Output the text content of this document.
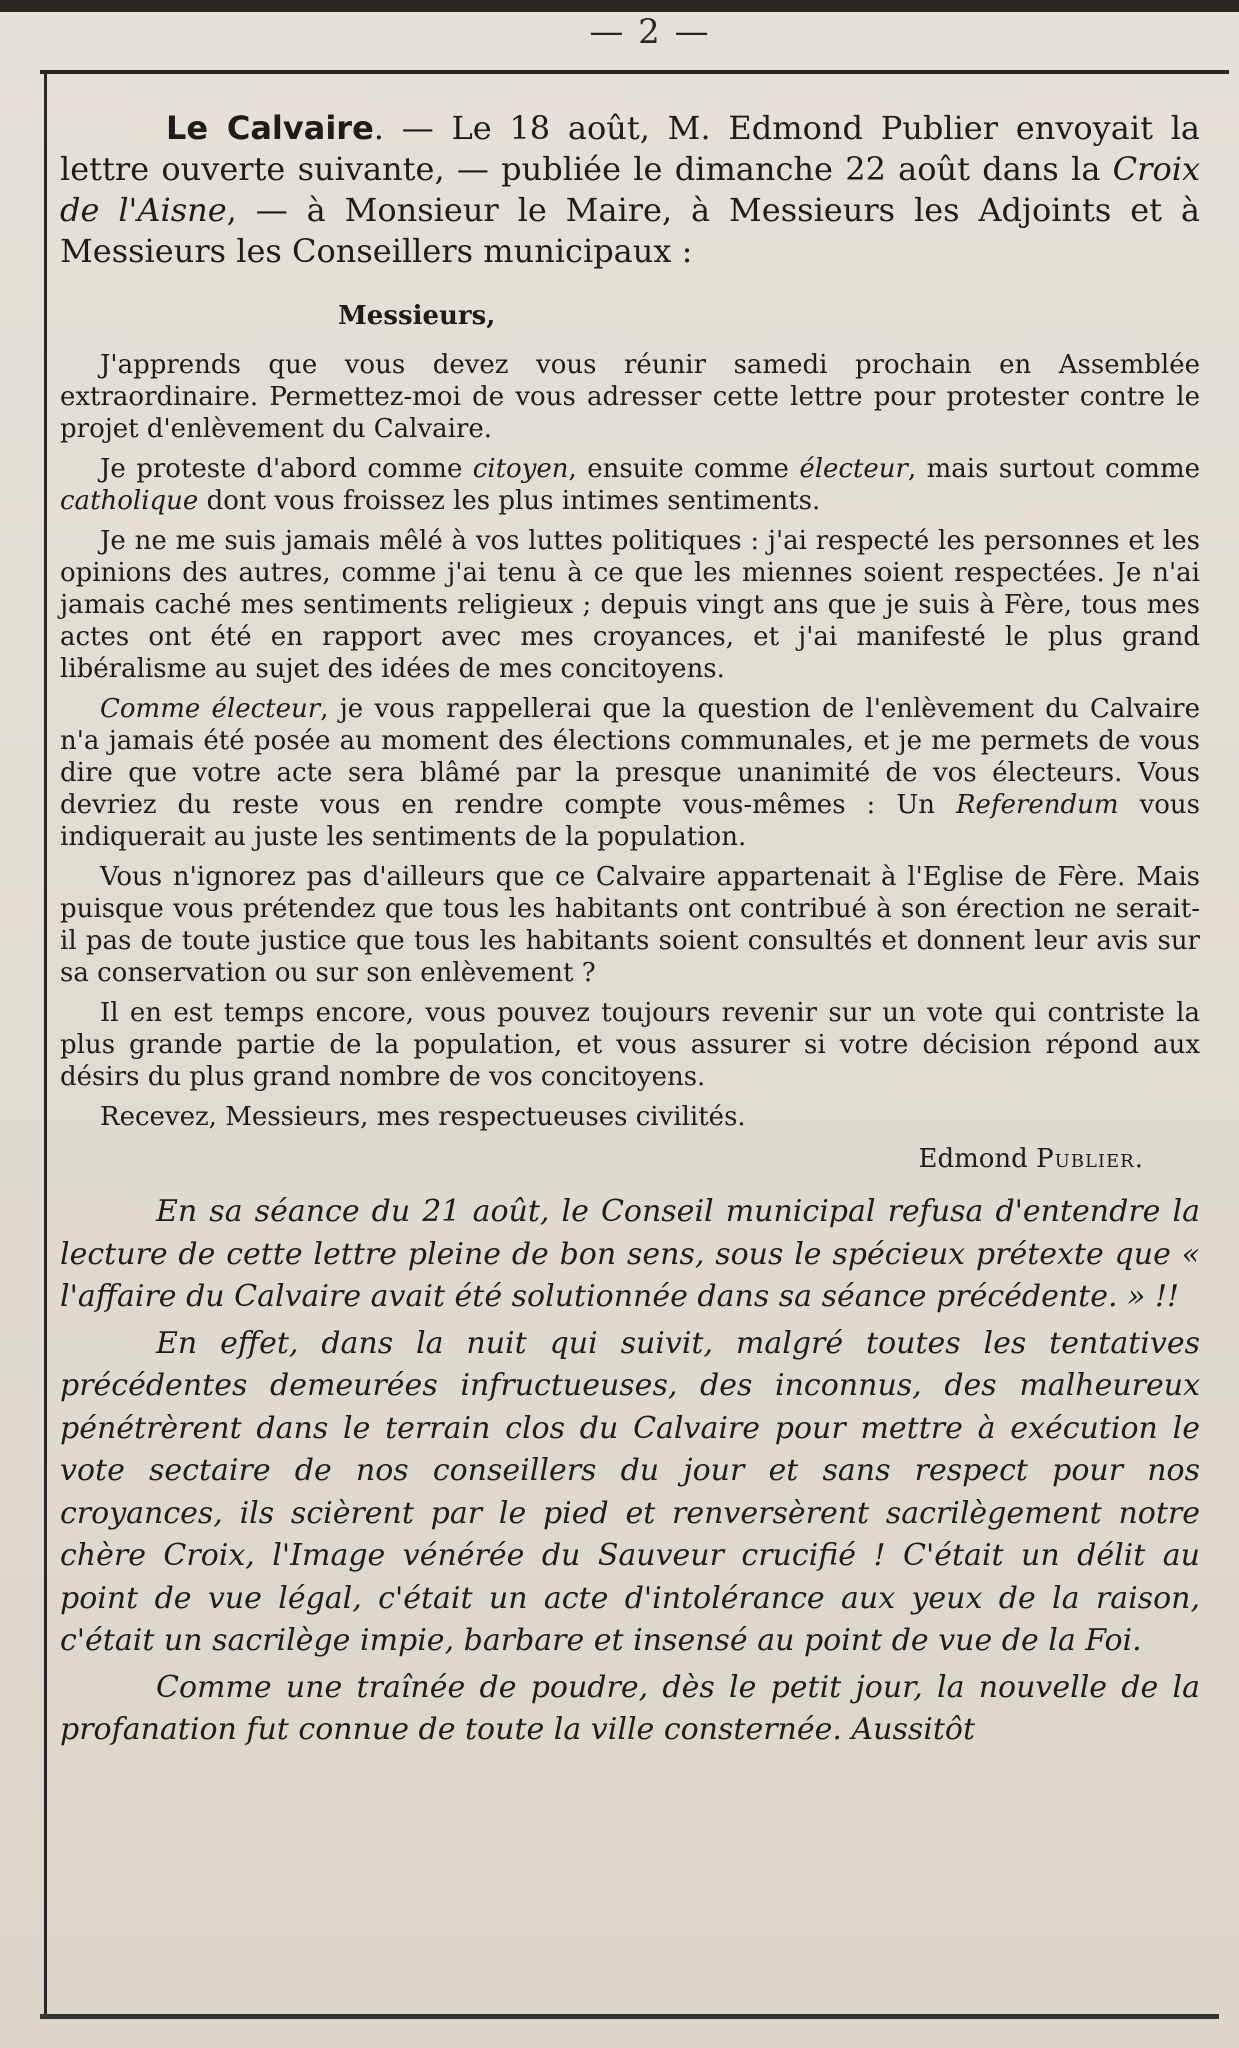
— 2 —

Le Calvaire. — Le 18 août, M. Edmond Publier envoyait la lettre ouverte suivante, — publiée le dimanche 22 août dans la Croix de l'Aisne, — à Monsieur le Maire, à Messieurs les Adjoints et à Messieurs les Conseillers municipaux :

Messieurs,

J'apprends que vous devez vous réunir samedi prochain en Assemblée extraordinaire. Permettez-moi de vous adresser cette lettre pour protester contre le projet d'enlèvement du Calvaire.

Je proteste d'abord comme citoyen, ensuite comme électeur, mais surtout comme catholique dont vous froissez les plus intimes sentiments.

Je ne me suis jamais mêlé à vos luttes politiques : j'ai respecté les personnes et les opinions des autres, comme j'ai tenu à ce que les miennes soient respectées. Je n'ai jamais caché mes sentiments religieux ; depuis vingt ans que je suis à Fère, tous mes actes ont été en rapport avec mes croyances, et j'ai manifesté le plus grand libéralisme au sujet des idées de mes concitoyens.

Comme électeur, je vous rappellerai que la question de l'enlèvement du Calvaire n'a jamais été posée au moment des élections communales, et je me permets de vous dire que votre acte sera blâmé par la presque unanimité de vos électeurs. Vous devriez du reste vous en rendre compte vous-mêmes : Un Referendum vous indiquerait au juste les sentiments de la population.

Vous n'ignorez pas d'ailleurs que ce Calvaire appartenait à l'Eglise de Fère. Mais puisque vous prétendez que tous les habitants ont contribué à son érection ne serait-il pas de toute justice que tous les habitants soient consultés et donnent leur avis sur sa conservation ou sur son enlèvement ?

Il en est temps encore, vous pouvez toujours revenir sur un vote qui contriste la plus grande partie de la population, et vous assurer si votre décision répond aux désirs du plus grand nombre de vos concitoyens.

Recevez, Messieurs, mes respectueuses civilités.

Edmond Publier.

En sa séance du 21 août, le Conseil municipal refusa d'entendre la lecture de cette lettre pleine de bon sens, sous le spécieux prétexte que « l'affaire du Calvaire avait été solutionnée dans sa séance précédente. » !!

En effet, dans la nuit qui suivit, malgré toutes les tentatives précédentes demeurées infructueuses, des inconnus, des malheureux pénétrèrent dans le terrain clos du Calvaire pour mettre à exécution le vote sectaire de nos conseillers du jour et sans respect pour nos croyances, ils scièrent par le pied et renversèrent sacrilègement notre chère Croix, l'Image vénérée du Sauveur crucifié ! C'était un délit au point de vue légal, c'était un acte d'intolérance aux yeux de la raison, c'était un sacrilège impie, barbare et insensé au point de vue de la Foi.

Comme une traînée de poudre, dès le petit jour, la nouvelle de la profanation fut connue de toute la ville consternée. Aussitôt
